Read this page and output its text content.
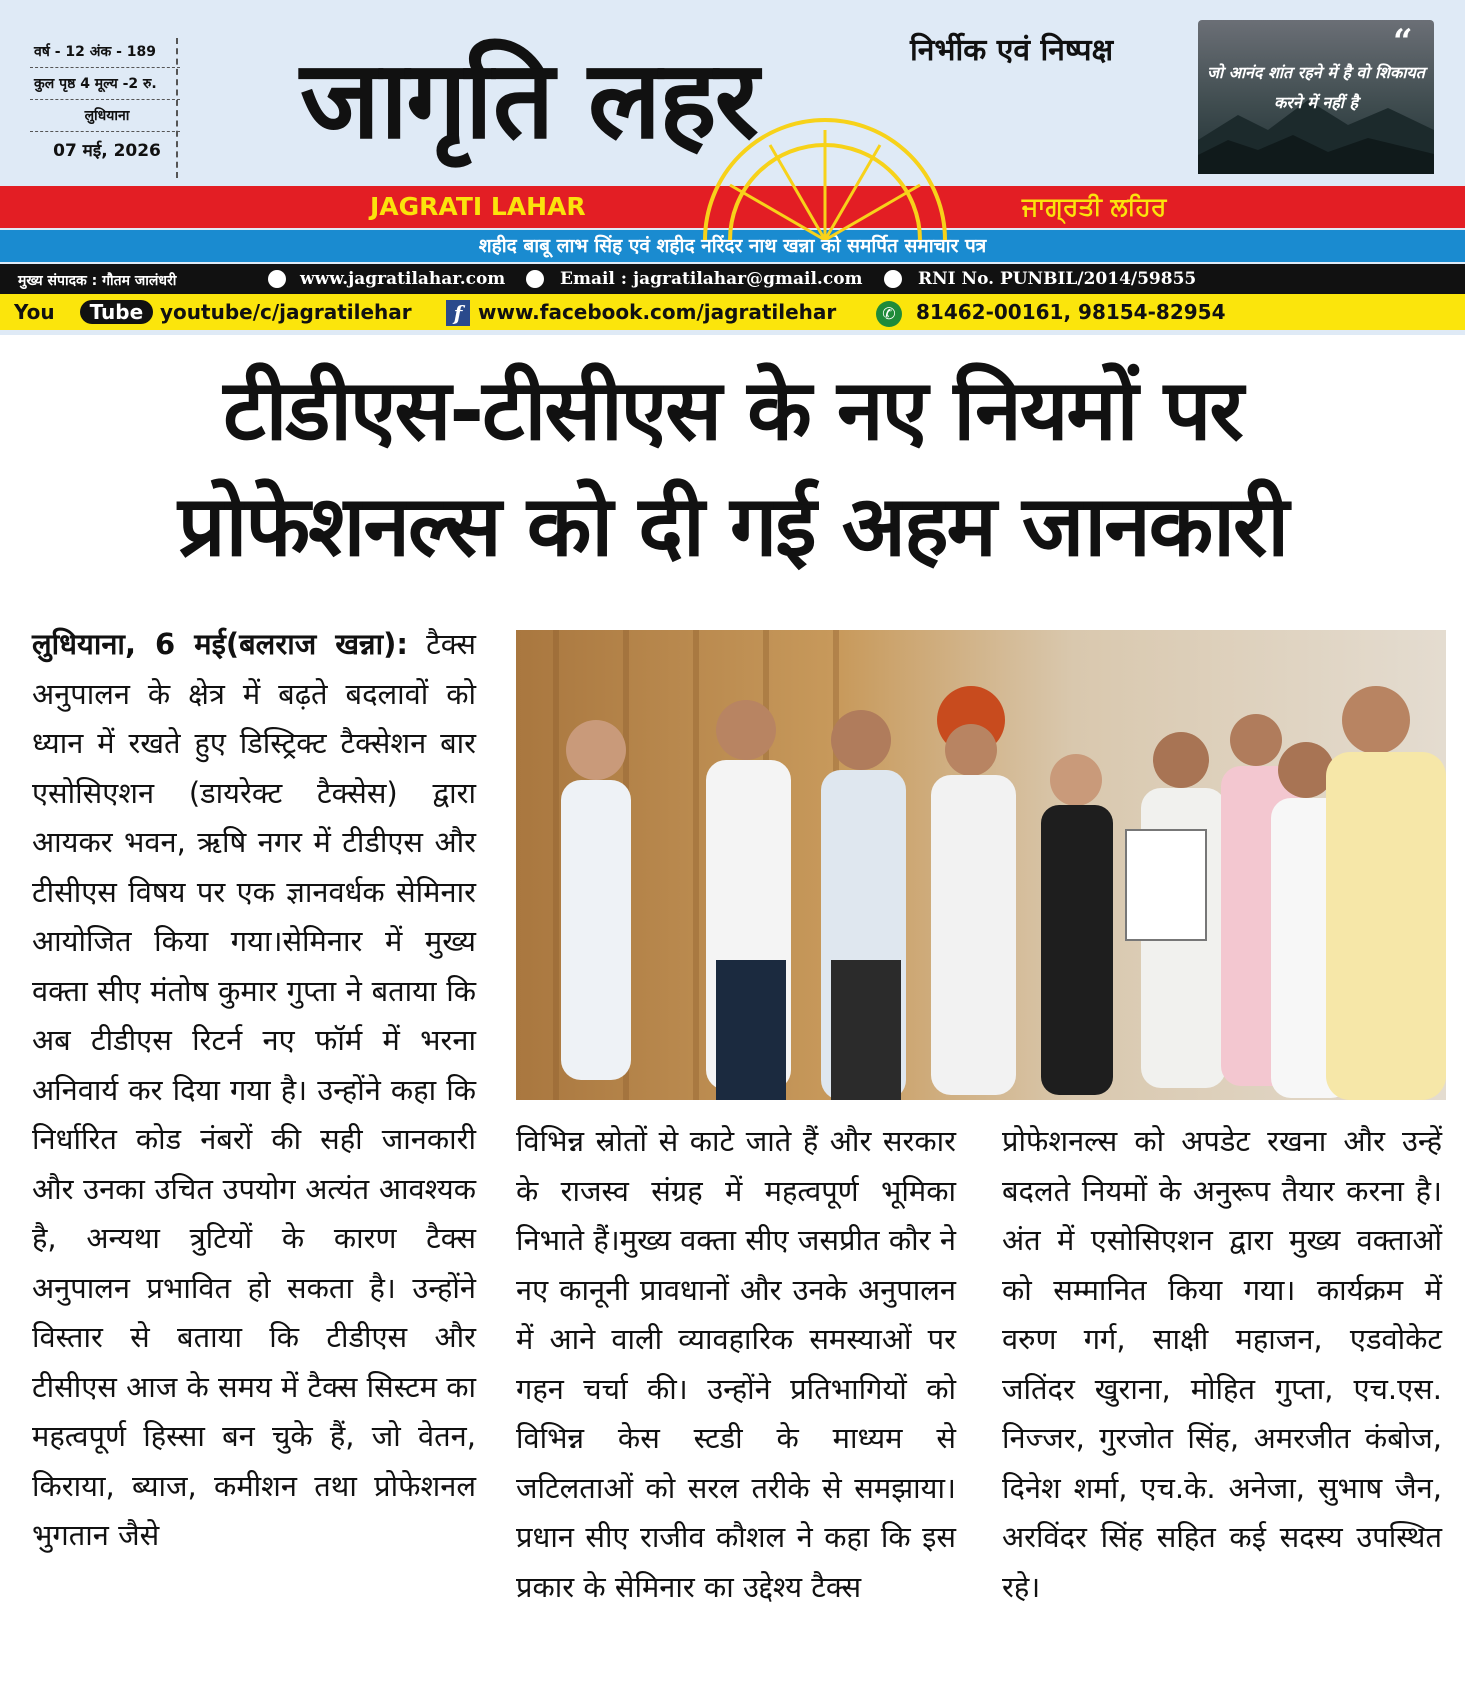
वर्ष - 12 अंक - 189
कुल पृष्ठ 4 मूल्य -2 रु.
लुधियाना
07 मई, 2026
निर्भीक एवं निष्पक्ष
जागृति लहर	“
जो आनंद शांत रहने में है वो शिकायत करने में नहीं है
JAGRATI LAHAR	ਜਾਗ੍ਰਤੀ ਲਹਿਰ
शहीद बाबू लाभ सिंह एवं शहीद नरिंदर नाथ खन्ना को समर्पित समाचार पत्र
मुख्य संपादक : गौतम जालंधरी	www.jagratilahar.com	Email : jagratilahar@gmail.com	RNI No. PUNBIL/2014/59855
You Tube youtube/c/jagratilehar	f www.facebook.com/jagratilehar	✆	81462-00161, 98154-82954
टीडीएस-टीसीएस के नए नियमों पर
प्रोफेशनल्स को दी गई अहम जानकारी
लुधियाना, 6 मई(बलराज खन्ना): टैक्स अनुपालन के क्षेत्र में बढ़ते बदलावों को ध्यान में रखते हुए डिस्ट्रिक्ट टैक्सेशन बार एसोसिएशन (डायरेक्ट टैक्सेस) द्वारा आयकर भवन, ऋषि नगर में टीडीएस और टीसीएस विषय पर एक ज्ञानवर्धक सेमिनार आयोजित किया गया।सेमिनार में मुख्य वक्ता सीए मंतोष कुमार गुप्ता ने बताया कि अब टीडीएस रिटर्न नए फॉर्म में भरना अनिवार्य कर दिया गया है। उन्होंने कहा कि निर्धारित कोड नंबरों की सही जानकारी और उनका उचित उपयोग अत्यंत आवश्यक है, अन्यथा त्रुटियों के कारण टैक्स अनुपालन प्रभावित हो सकता है। उन्होंने विस्तार से बताया कि टीडीएस और टीसीएस आज के समय में टैक्स सिस्टम का महत्वपूर्ण हिस्सा बन चुके हैं, जो वेतन, किराया, ब्याज, कमीशन तथा प्रोफेशनल भुगतान जैसे
विभिन्न स्रोतों से काटे जाते हैं और सरकार के राजस्व संग्रह में महत्वपूर्ण भूमिका निभाते हैं।मुख्य वक्ता सीए जसप्रीत कौर ने नए कानूनी प्रावधानों और उनके अनुपालन में आने वाली व्यावहारिक समस्याओं पर गहन चर्चा की। उन्होंने प्रतिभागियों को विभिन्न केस स्टडी के माध्यम से जटिलताओं को सरल तरीके से समझाया। प्रधान सीए राजीव कौशल ने कहा कि इस प्रकार के सेमिनार का उद्देश्य टैक्स
प्रोफेशनल्स को अपडेट रखना और उन्हें बदलते नियमों के अनुरूप तैयार करना है।अंत में एसोसिएशन द्वारा मुख्य वक्ताओं को सम्मानित किया गया। कार्यक्रम में वरुण गर्ग, साक्षी महाजन, एडवोकेट जतिंदर खुराना, मोहित गुप्ता, एच.एस. निज्जर, गुरजोत सिंह, अमरजीत कंबोज, दिनेश शर्मा, एच.के. अनेजा, सुभाष जैन, अरविंदर सिंह सहित कई सदस्य उपस्थित रहे।
